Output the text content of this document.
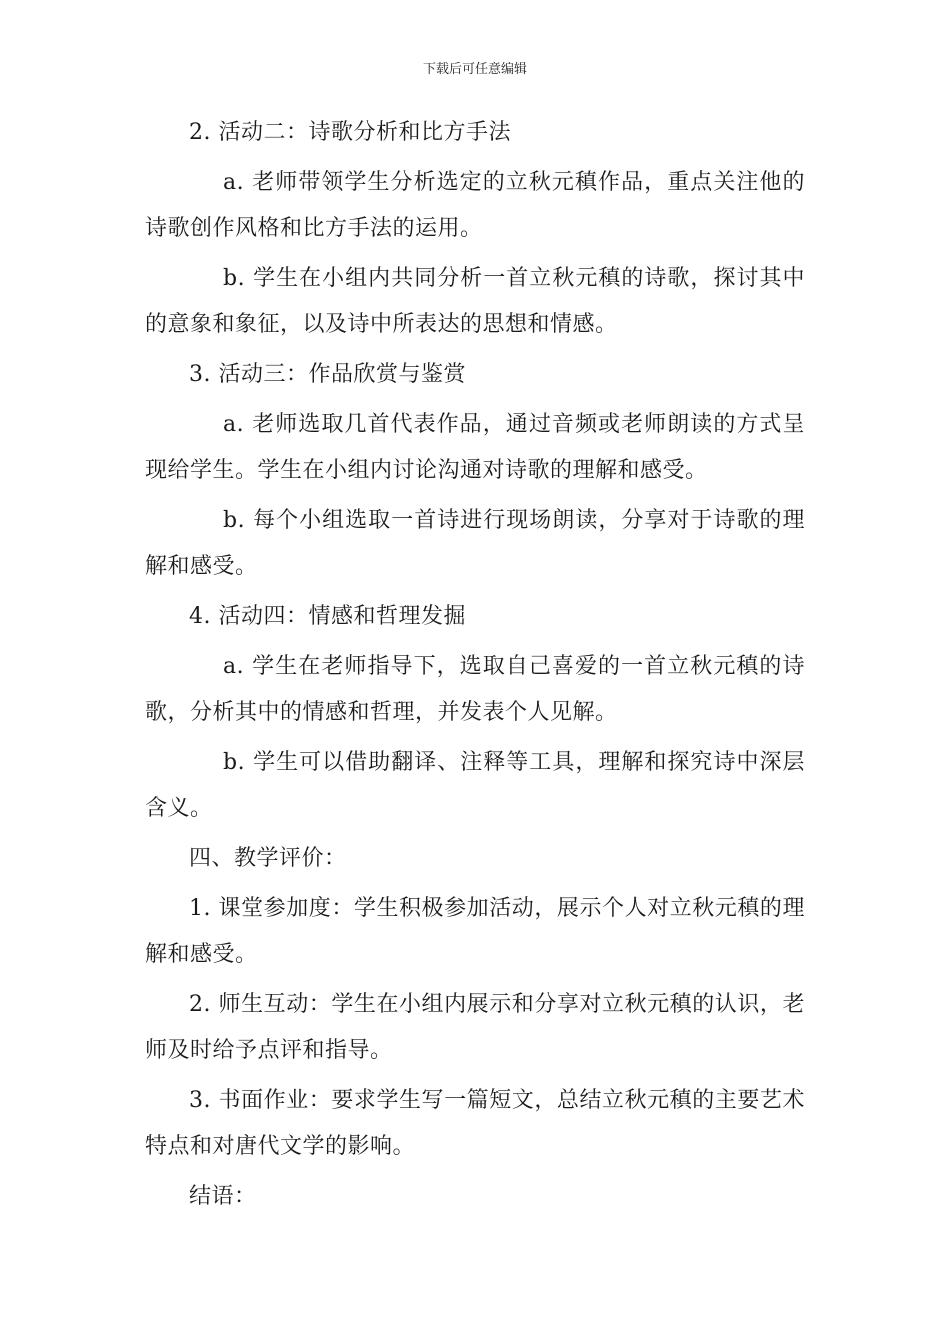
下载后可任意编辑

2. 活动二：诗歌分析和比方手法

a. 老师带领学生分析选定的立秋元稹作品，重点关注他的诗歌创作风格和比方手法的运用。

b. 学生在小组内共同分析一首立秋元稹的诗歌，探讨其中的意象和象征，以及诗中所表达的思想和情感。

3. 活动三：作品欣赏与鉴赏

a. 老师选取几首代表作品，通过音频或老师朗读的方式呈现给学生。学生在小组内讨论沟通对诗歌的理解和感受。

b. 每个小组选取一首诗进行现场朗读，分享对于诗歌的理解和感受。

4. 活动四：情感和哲理发掘

a. 学生在老师指导下，选取自己喜爱的一首立秋元稹的诗歌，分析其中的情感和哲理，并发表个人见解。

b. 学生可以借助翻译、注释等工具，理解和探究诗中深层含义。

四、教学评价：

1. 课堂参加度：学生积极参加活动，展示个人对立秋元稹的理解和感受。

2. 师生互动：学生在小组内展示和分享对立秋元稹的认识，老师及时给予点评和指导。

3. 书面作业：要求学生写一篇短文，总结立秋元稹的主要艺术特点和对唐代文学的影响。

结语：
